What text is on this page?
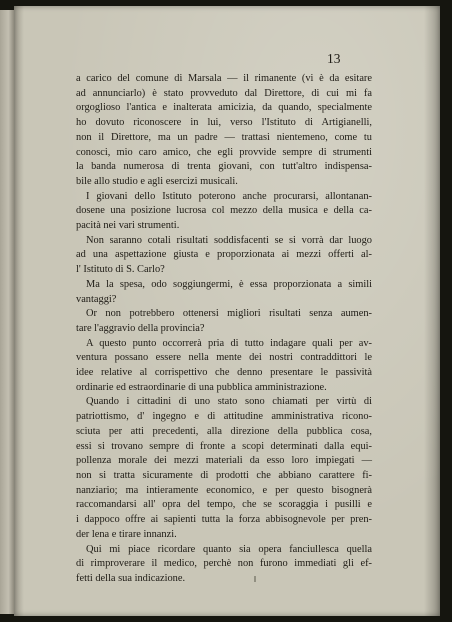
13
a carico del comune di Marsala — il rimanente (vi è da esitare
ad annunciarlo) è stato provveduto dal Direttore, di cui mi fa
orgoglioso l'antica e inalterata amicizia, da quando, specialmente
ho dovuto riconoscere in lui, verso l'Istituto di Artigianelli,
non il Direttore, ma un padre — trattasi nientemeno, come tu
conosci, mio caro amico, che egli provvide sempre di strumenti
la banda numerosa di trenta giovani, con tutt'altro indispensa-
bile allo studio e agli esercizi musicali.
I giovani dello Istituto poterono anche procurarsi, allontanan-
dosene una posizione lucrosa col mezzo della musica e della ca-
pacità nei vari strumenti.
Non saranno cotali risultati soddisfacenti se si vorrà dar luogo
ad una aspettazione giusta e proporzionata ai mezzi offerti al-
l' Istituto di S. Carlo?
Ma la spesa, odo soggiungermi, è essa proporzionata a simili
vantaggi?
Or non potrebbero ottenersi migliori risultati senza aumen-
tare l'aggravio della provincia?
A questo punto occorrerà pria di tutto indagare quali per av-
ventura possano essere nella mente dei nostri contraddittori le
idee relative al corrispettivo che denno presentare le passività
ordinarie ed estraordinarie di una pubblica amministrazione.
Quando i cittadini di uno stato sono chiamati per virtù di
patriottismo, d' ingegno e di attitudine amministrativa ricono-
sciuta per atti precedenti, alla direzione della pubblica cosa,
essi si trovano sempre di fronte a scopi determinati dalla equi-
pollenza morale dei mezzi materiali da esso loro impiegati —
non si tratta sicuramente di prodotti che abbiano carattere fi-
nanziario; ma intieramente economico, e per questo bisognerà
raccomandarsi all' opra del tempo, che se scoraggia i pusilli e
i dappoco offre ai sapienti tutta la forza abbisognevole per pren-
der lena e tirare innanzi.
Qui mi piace ricordare quanto sia opera fanciullesca quella
di rimproverare il medico, perchè non furono immediati gli ef-
fetti della sua indicazione.
